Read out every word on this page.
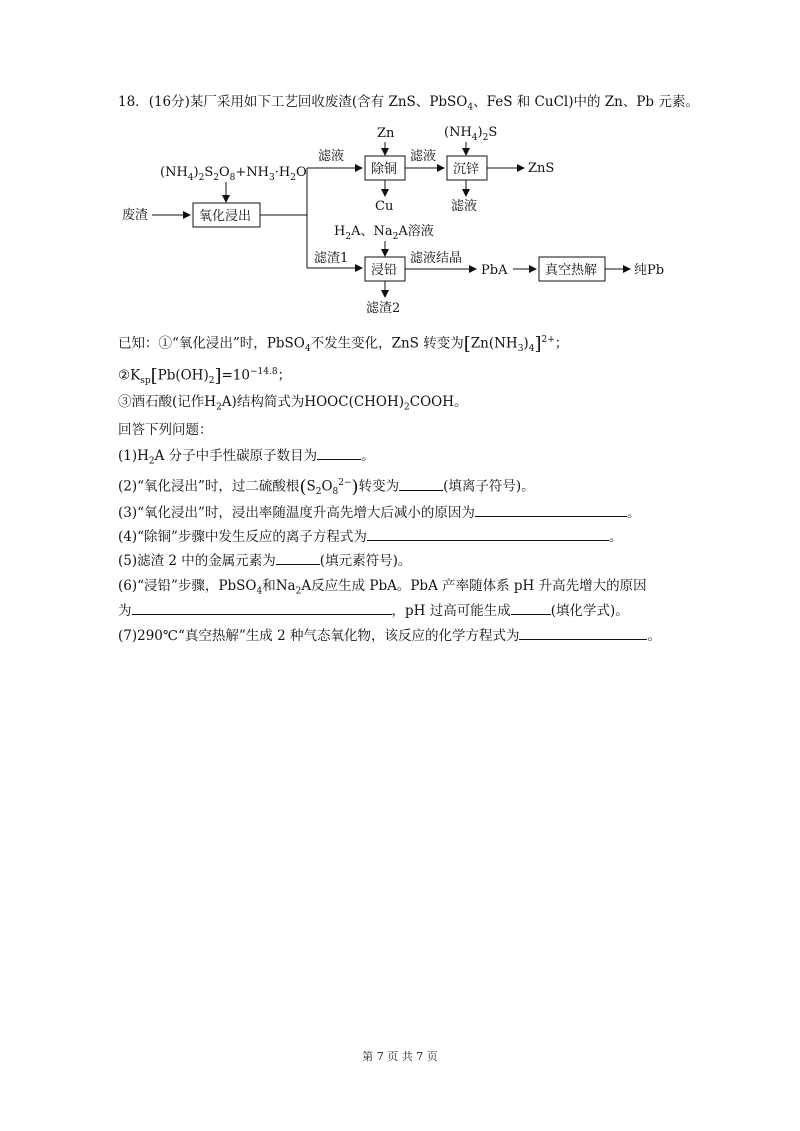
18．(16分)某厂采用如下工艺回收废渣(含有 ZnS、PbSO$_4$、FeS 和 CuCl)中的 Zn、Pb 元素。
$(NH_4)_2S_2O_8+NH_3\cdot H_2O$
废渣	氧化浸出
滤液
Zn
除铜
Cu
滤液
$(NH_4)_2S$
沉锌	ZnS
滤液
$H_2A$、$Na_2A$溶液
滤渣1
浸铅
滤渣2
滤液结晶
PbA	真空热解	纯Pb
已知：①“氧化浸出”时，PbSO$_4$不发生变化，ZnS 转变为$[Zn(NH_3)_4]^{2+}$；
$②K_{sp}[Pb(OH)_2]=10^{-14.8}$；
③酒石酸(记作$H_2A$)结构简式为$HOOC(CHOH)_2COOH$。
回答下列问题：
$(1)H_2A$ 分子中手性碳原子数目为	。
(2)“氧化浸出”时，过二硫酸根$(S_2O_8^{2-})$转变为	(填离子符号)。
(3)“氧化浸出”时，浸出率随温度升高先增大后减小的原因为	。
(4)“除铜”步骤中发生反应的离子方程式为	。
(5)滤渣 2 中的金属元素为	(填元素符号)。
(6)“浸铅”步骤，PbSO$_4$和$Na_2A$反应生成 PbA。PbA 产率随体系 pH 升高先增大的原因
为	，pH 过高可能生成	(填化学式)。
(7)290℃“真空热解”生成 2 种气态氧化物，该反应的化学方程式为	。
第 7 页 共 7 页
